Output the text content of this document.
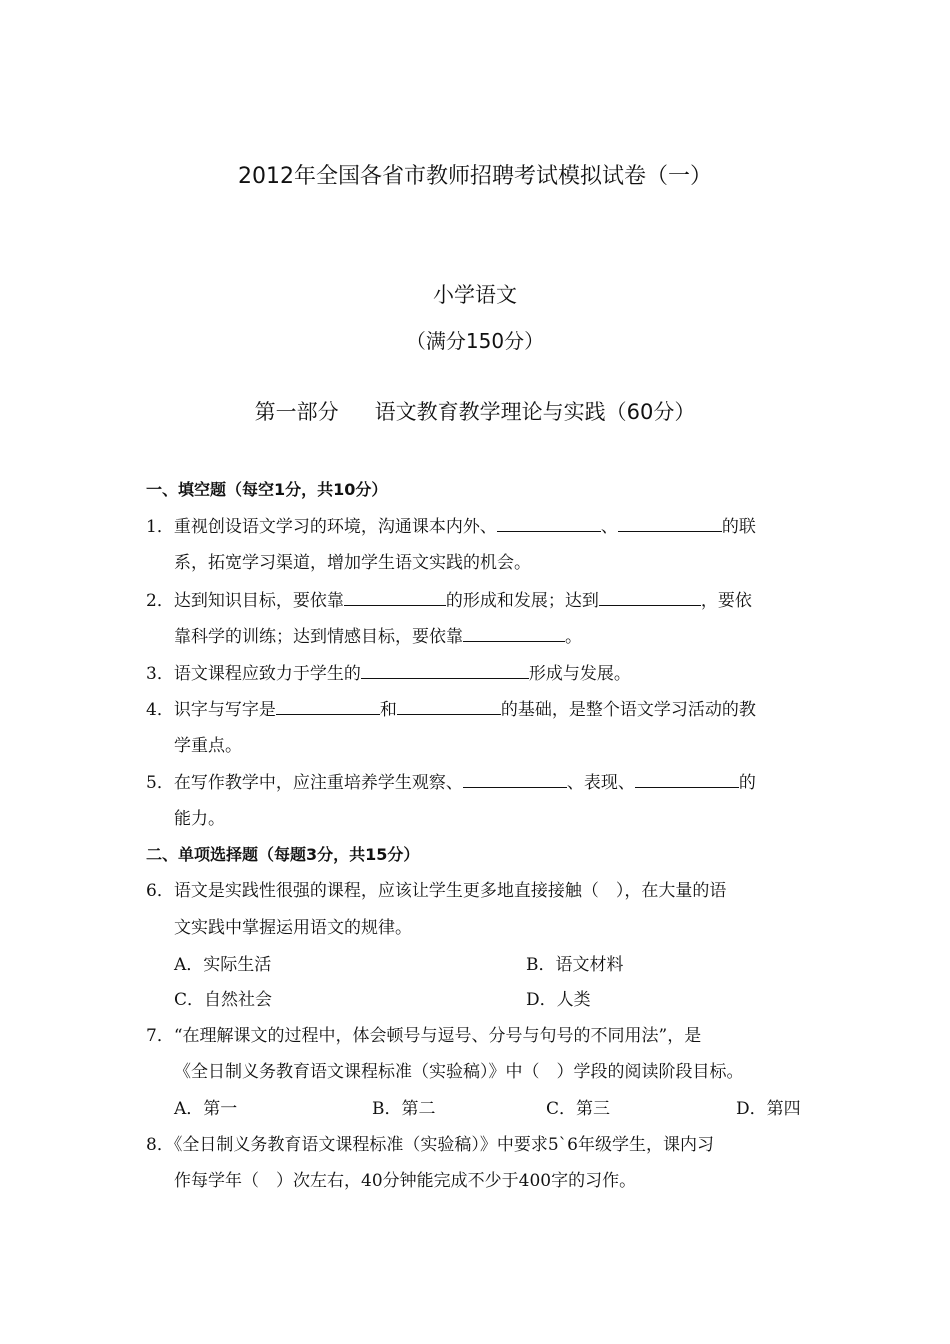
2012年全国各省市教师招聘考试模拟试卷（一）
小学语文
（满分150分）
第一部分 语文教育教学理论与实践（60分）
一、填空题（每空1分，共10分）
1．重视创设语文学习的环境，沟通课本内外、	、	的联
系，拓宽学习渠道，增加学生语文实践的机会。
2．达到知识目标，要依靠	的形成和发展；达到	，要依
靠科学的训练；达到情感目标，要依靠	。
3．语文课程应致力于学生的	形成与发展。
4．识字与写字是	和	的基础，是整个语文学习活动的教
学重点。
5．在写作教学中，应注重培养学生观察、	、表现、	的
能力。
二、单项选择题（每题3分，共15分）
6．语文是实践性很强的课程，应该让学生更多地直接接触（　），在大量的语
文实践中掌握运用语文的规律。
A．实际生活	B．语文材料
C．自然社会	D．人类
7．“在理解课文的过程中，体会顿号与逗号、分号与句号的不同用法”，是
《全日制义务教育语文课程标准（实验稿）》中（　）学段的阅读阶段目标。
A．第一	B．第二	C．第三	D．第四
8．《全日制义务教育语文课程标准（实验稿）》中要求5`6年级学生，课内习
作每学年（　）次左右，40分钟能完成不少于400字的习作。
